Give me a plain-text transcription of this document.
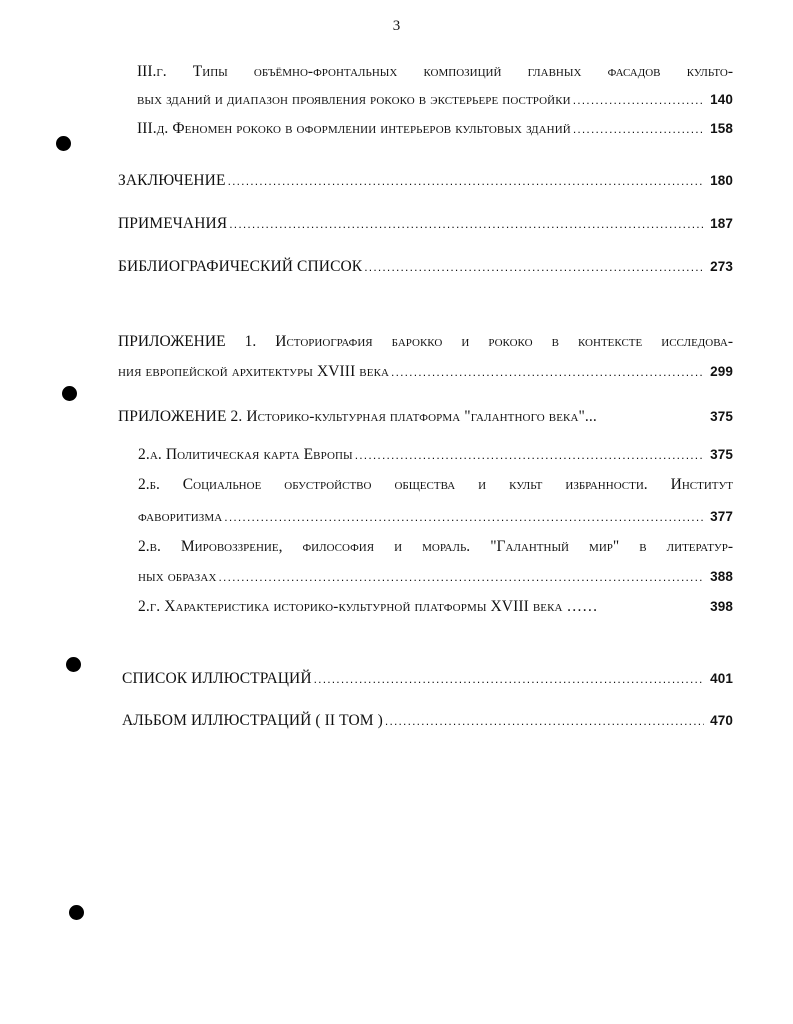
3
III.г. Типы объёмно-фронтальных композиций главных фасадов культо-
вых зданий и диапазон проявления рококо в экстерьере постройки .....	140
III.д. Феномен рококо в оформлении интерьеров культовых зданий .....	158
ЗАКЛЮЧЕНИЕ .....	180
ПРИМЕЧАНИЯ .....	187
БИБЛИОГРАФИЧЕСКИЙ СПИСОК .....	273
ПРИЛОЖЕНИЕ 1. Историография барокко и рококо в контексте исследова-
ния европейской архитектуры XVIII века .....	299
ПРИЛОЖЕНИЕ 2. Историко-культурная платформа "галантного века"...	375
2.а. Политическая карта Европы .....	375
2.б. Социальное обустройство общества и культ избранности. Институт
фаворитизма .....	377
2.в. Мировоззрение, философия и мораль. "Галантный мир" в литератур-
ных образах .....	388
2.г. Характеристика историко-культурной платформы XVIII века ……	398
СПИСОК ИЛЛЮСТРАЦИЙ .....	401
АЛЬБОМ ИЛЛЮСТРАЦИЙ ( II ТОМ ) .....	470
